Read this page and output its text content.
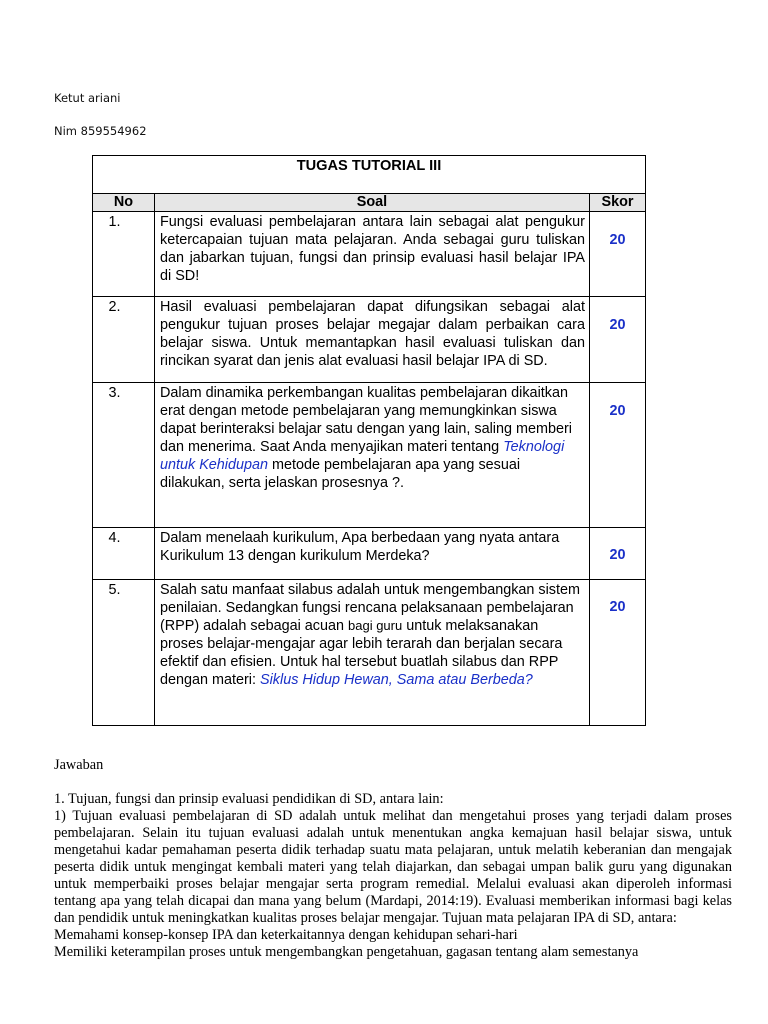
Ketut ariani
Nim 859554962
TUGAS TUTORIAL III		
No	Soal	Skor
1.	Fungsi evaluasi pembelajaran antara lain sebagai alat pengukur ketercapaian tujuan mata pelajaran. Anda sebagai guru tuliskan dan jabarkan tujuan, fungsi dan prinsip evaluasi hasil belajar IPA di SD!	20
2.	Hasil evaluasi pembelajaran dapat difungsikan sebagai alat pengukur tujuan proses belajar megajar dalam perbaikan cara belajar siswa. Untuk memantapkan hasil evaluasi tuliskan dan rincikan syarat dan jenis alat evaluasi hasil belajar IPA di SD.	20
3.	Dalam dinamika perkembangan kualitas pembelajaran dikaitkan erat dengan metode pembelajaran yang memungkinkan siswa dapat berinteraksi belajar satu dengan yang lain, saling memberi dan menerima. Saat Anda menyajikan materi tentang Teknologi untuk Kehidupan metode pembelajaran apa yang sesuai dilakukan, serta jelaskan prosesnya ?.	20
4.	Dalam menelaah kurikulum, Apa berbedaan yang nyata antara Kurikulum 13 dengan kurikulum Merdeka?	20
5.	Salah satu manfaat silabus adalah untuk mengembangkan sistem penilaian. Sedangkan fungsi rencana pelaksanaan pembelajaran (RPP) adalah sebagai acuan bagi guru untuk melaksanakan proses belajar-mengajar agar lebih terarah dan berjalan secara efektif dan efisien. Untuk hal tersebut buatlah silabus dan RPP dengan materi: Siklus Hidup Hewan, Sama atau Berbeda?	20

Jawaban

1. Tujuan, fungsi dan prinsip evaluasi pendidikan di SD, antara lain:

1) Tujuan evaluasi pembelajaran di SD adalah untuk melihat dan mengetahui proses yang terjadi dalam proses pembelajaran. Selain itu tujuan evaluasi adalah untuk menentukan angka kemajuan hasil belajar siswa, untuk mengetahui kadar pemahaman peserta didik terhadap suatu mata pelajaran, untuk melatih keberanian dan mengajak peserta didik untuk mengingat kembali materi yang telah diajarkan, dan sebagai umpan balik guru yang digunakan untuk memperbaiki proses belajar mengajar serta program remedial. Melalui evaluasi akan diperoleh informasi tentang apa yang telah dicapai dan mana yang belum (Mardapi, 2014:19). Evaluasi memberikan informasi bagi kelas dan pendidik untuk meningkatkan kualitas proses belajar mengajar. Tujuan mata pelajaran IPA di SD, antara:

Memahami konsep-konsep IPA dan keterkaitannya dengan kehidupan sehari-hari

Memiliki keterampilan proses untuk mengembangkan pengetahuan, gagasan tentang alam semestanya
